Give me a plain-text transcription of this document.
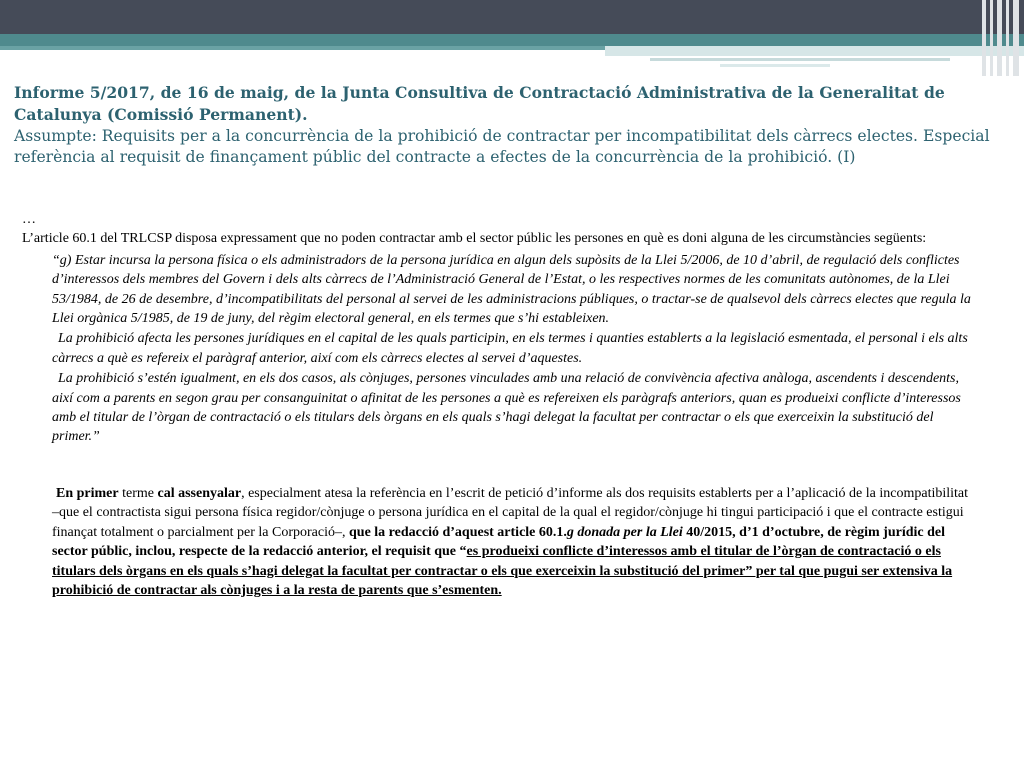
Informe 5/2017, de 16 de maig, de la Junta Consultiva de Contractació Administrativa de la Generalitat de Catalunya (Comissió Permanent).
Assumpte: Requisits per a la concurrència de la prohibició de contractar per incompatibilitat dels càrrecs electes. Especial referència al requisit de finançament públic del contracte a efectes de la concurrència de la prohibició. (I)

…

L’article 60.1 del TRLCSP disposa expressament que no poden contractar amb el sector públic les persones en què es doni alguna de les circumstàncies següents:

“g) Estar incursa la persona física o els administradors de la persona jurídica en algun dels supòsits de la Llei 5/2006, de 10 d’abril, de regulació dels conflictes d’interessos dels membres del Govern i dels alts càrrecs de l’Administració General de l’Estat, o les respectives normes de les comunitats autònomes, de la Llei 53/1984, de 26 de desembre, d’incompatibilitats del personal al servei de les administracions públiques, o tractar-se de qualsevol dels càrrecs electes que regula la Llei orgànica 5/1985, de 19 de juny, del règim electoral general, en els termes que s’hi estableixen.

La prohibició afecta les persones jurídiques en el capital de les quals participin, en els termes i quanties establerts a la legislació esmentada, el personal i els alts càrrecs a què es refereix el paràgraf anterior, així com els càrrecs electes al servei d’aquestes.

La prohibició s’estén igualment, en els dos casos, als cònjuges, persones vinculades amb una relació de convivència afectiva anàloga, ascendents i descendents, així com a parents en segon grau per consanguinitat o afinitat de les persones a què es refereixen els paràgrafs anteriors, quan es produeixi conflicte d’interessos amb el titular de l’òrgan de contractació o els titulars dels òrgans en els quals s’hagi delegat la facultat per contractar o els que exerceixin la substitució del primer.”

En primer terme cal assenyalar, especialment atesa la referència en l’escrit de petició d’informe als dos requisits establerts per a l’aplicació de la incompatibilitat –que el contractista sigui persona física regidor/cònjuge o persona jurídica en el capital de la qual el regidor/cònjuge hi tingui participació i que el contracte estigui finançat totalment o parcialment per la Corporació–, que la redacció d’aquest article 60.1.g donada per la Llei 40/2015, d’1 d’octubre, de règim jurídic del sector públic, inclou, respecte de la redacció anterior, el requisit que “es produeixi conflicte d’interessos amb el titular de l’òrgan de contractació o els titulars dels òrgans en els quals s’hagi delegat la facultat per contractar o els que exerceixin la substitució del primer” per tal que pugui ser extensiva la prohibició de contractar als cònjuges i a la resta de parents que s’esmenten.
